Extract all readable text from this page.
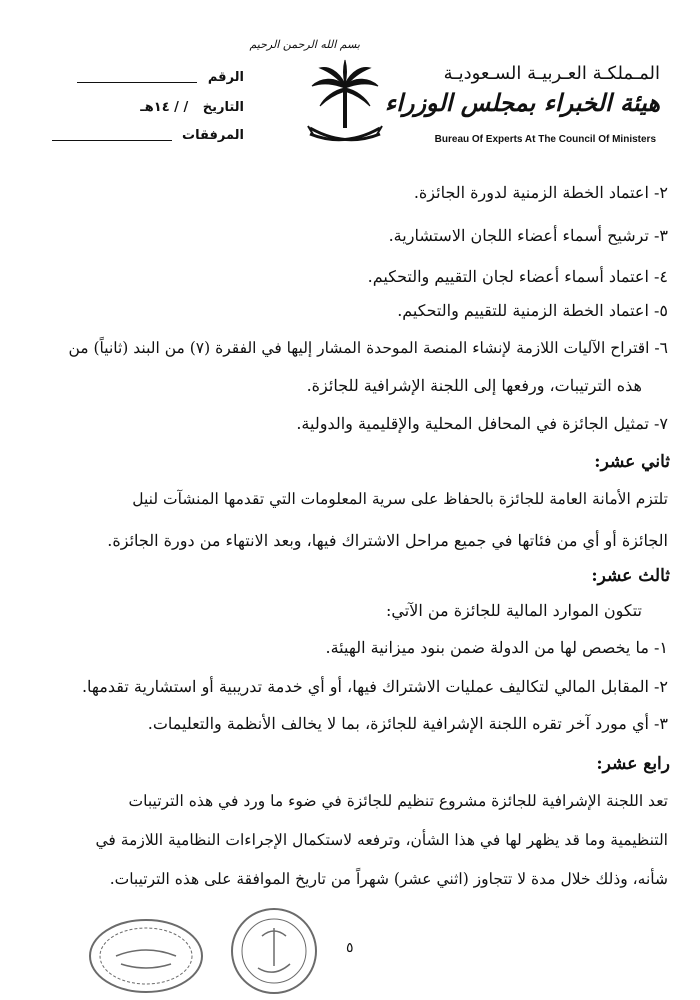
بسم الله الرحمن الرحيم
المـملكـة العـربيـة السـعوديـة
هيئة الخبراء بمجلس الوزراء
Bureau Of Experts At The Council Of Ministers
الرقم
التاريخ / / ١٤هـ
المرفقات
٢- اعتماد الخطة الزمنية لدورة الجائزة.
٣- ترشيح أسماء أعضاء اللجان الاستشارية.
٤- اعتماد أسماء أعضاء لجان التقييم والتحكيم.
٥- اعتماد الخطة الزمنية للتقييم والتحكيم.
٦- اقتراح الآليات اللازمة لإنشاء المنصة الموحدة المشار إليها في الفقرة (٧) من البند (ثانياً) من
هذه الترتيبات، ورفعها إلى اللجنة الإشرافية للجائزة.
٧- تمثيل الجائزة في المحافل المحلية والإقليمية والدولية.
ثاني عشر:
تلتزم الأمانة العامة للجائزة بالحفاظ على سرية المعلومات التي تقدمها المنشآت لنيل
الجائزة أو أي من فئاتها في جميع مراحل الاشتراك فيها، وبعد الانتهاء من دورة الجائزة.
ثالث عشر:
تتكون الموارد المالية للجائزة من الآتي:
١- ما يخصص لها من الدولة ضمن بنود ميزانية الهيئة.
٢- المقابل المالي لتكاليف عمليات الاشتراك فيها، أو أي خدمة تدريبية أو استشارية تقدمها.
٣- أي مورد آخر تقره اللجنة الإشرافية للجائزة، بما لا يخالف الأنظمة والتعليمات.
رابع عشر:
تعد اللجنة الإشرافية للجائزة مشروع تنظيم للجائزة في ضوء ما ورد في هذه الترتيبات
التنظيمية وما قد يظهر لها في هذا الشأن، وترفعه لاستكمال الإجراءات النظامية اللازمة في
شأنه، وذلك خلال مدة لا تتجاوز (اثني عشر) شهراً من تاريخ الموافقة على هذه الترتيبات.
٥
